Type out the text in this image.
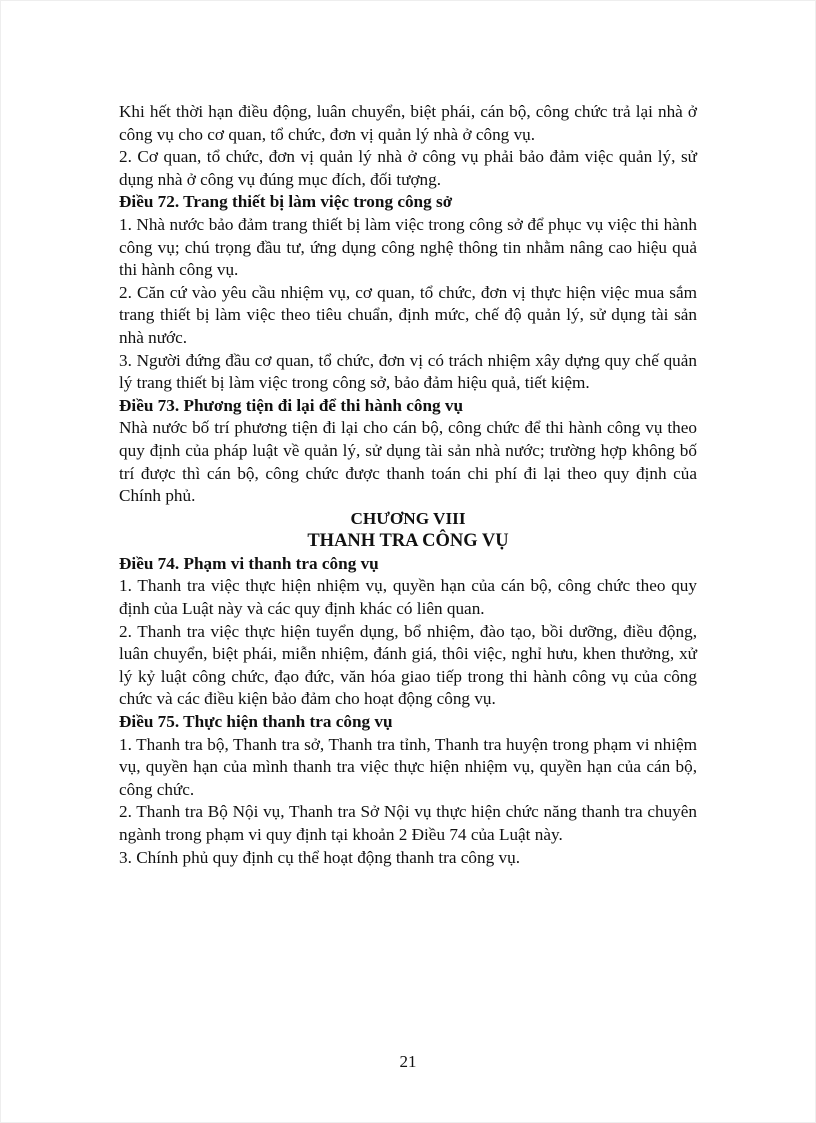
Khi hết thời hạn điều động, luân chuyển, biệt phái, cán bộ, công chức trả lại nhà ở công vụ cho cơ quan, tổ chức, đơn vị quản lý nhà ở công vụ.

2. Cơ quan, tổ chức, đơn vị quản lý nhà ở công vụ phải bảo đảm việc quản lý, sử dụng nhà ở công vụ đúng mục đích, đối tượng.

Điều 72. Trang thiết bị làm việc trong công sở

1. Nhà nước bảo đảm trang thiết bị làm việc trong công sở để phục vụ việc thi hành công vụ; chú trọng đầu tư, ứng dụng công nghệ thông tin nhằm nâng cao hiệu quả thi hành công vụ.

2. Căn cứ vào yêu cầu nhiệm vụ, cơ quan, tổ chức, đơn vị thực hiện việc mua sắm trang thiết bị làm việc theo tiêu chuẩn, định mức, chế độ quản lý, sử dụng tài sản nhà nước.

3. Người đứng đầu cơ quan, tổ chức, đơn vị có trách nhiệm xây dựng quy chế quản lý trang thiết bị làm việc trong công sở, bảo đảm hiệu quả, tiết kiệm.

Điều 73. Phương tiện đi lại để thi hành công vụ

Nhà nước bố trí phương tiện đi lại cho cán bộ, công chức để thi hành công vụ theo quy định của pháp luật về quản lý, sử dụng tài sản nhà nước; trường hợp không bố trí được thì cán bộ, công chức được thanh toán chi phí đi lại theo quy định của Chính phủ.

CHƯƠNG VIII
THANH TRA CÔNG VỤ
Điều 74. Phạm vi thanh tra công vụ

1. Thanh tra việc thực hiện nhiệm vụ, quyền hạn của cán bộ, công chức theo quy định của Luật này và các quy định khác có liên quan.

2. Thanh tra việc thực hiện tuyển dụng, bổ nhiệm, đào tạo, bồi dưỡng, điều động, luân chuyển, biệt phái, miễn nhiệm, đánh giá, thôi việc, nghỉ hưu, khen thưởng, xử lý kỷ luật công chức, đạo đức, văn hóa giao tiếp trong thi hành công vụ của công chức và các điều kiện bảo đảm cho hoạt động công vụ.

Điều 75. Thực hiện thanh tra công vụ

1. Thanh tra bộ, Thanh tra sở, Thanh tra tỉnh, Thanh tra huyện trong phạm vi nhiệm vụ, quyền hạn của mình thanh tra việc thực hiện nhiệm vụ, quyền hạn của cán bộ, công chức.

2. Thanh tra Bộ Nội vụ, Thanh tra Sở Nội vụ thực hiện chức năng thanh tra chuyên ngành trong phạm vi quy định tại khoản 2 Điều 74 của Luật này.

3. Chính phủ quy định cụ thể hoạt động thanh tra công vụ.

21
